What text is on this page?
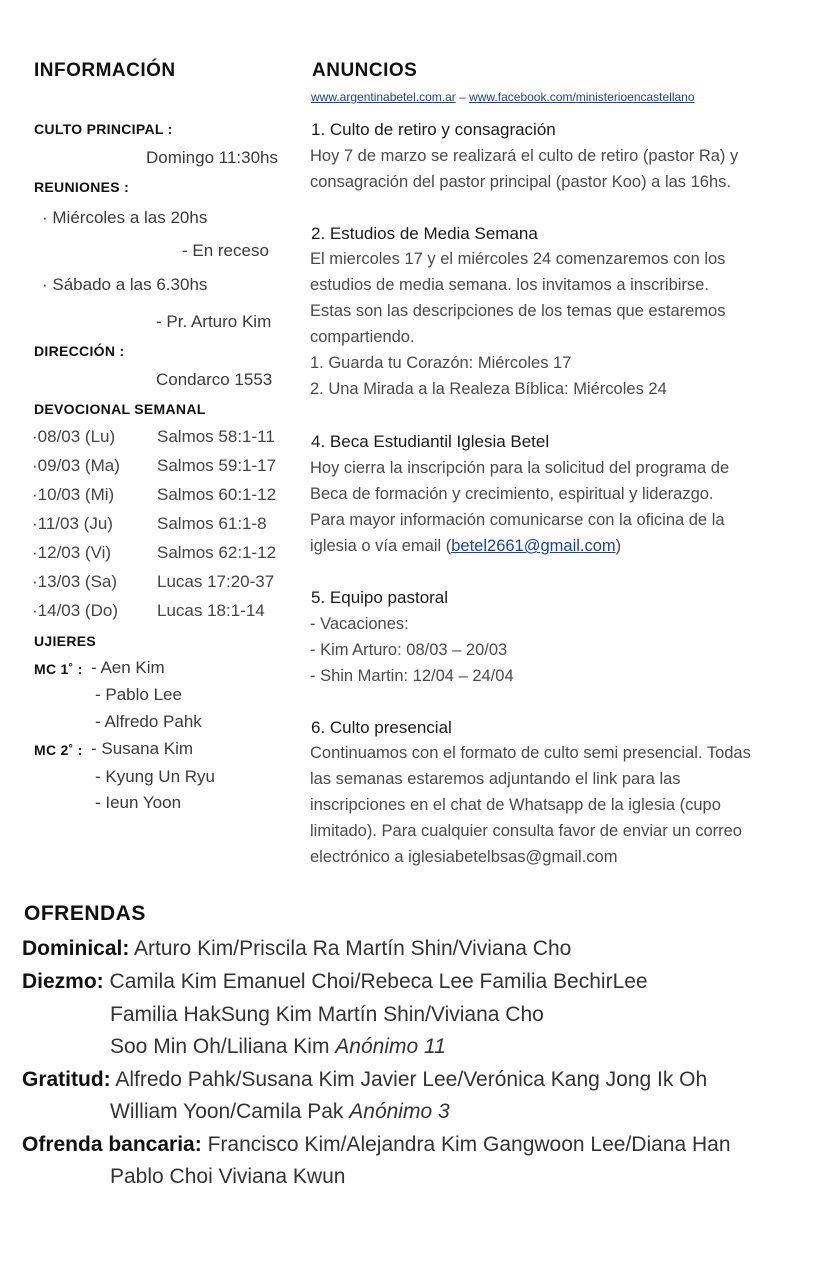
INFORMACIÓN
CULTO PRINCIPAL :
Domingo 11:30hs
REUNIONES :
· Miércoles a las 20hs
- En receso
· Sábado a las 6.30hs
- Pr. Arturo Kim
DIRECCIÓN :
Condarco 1553
DEVOCIONAL SEMANAL
·08/03 (Lu) Salmos 58:1-11
·09/03 (Ma) Salmos 59:1-17
·10/03 (Mi)	Salmos 60:1-12
·11/03 (Ju)	Salmos 61:1-8
·12/03 (Vi)	Salmos 62:1-12
·13/03 (Sa) Lucas 17:20-37
·14/03 (Do) Lucas 18:1-14
UJIERES
MC 1˚ : - Aen Kim
- Pablo Lee
- Alfredo Pahk
MC 2˚ : - Susana Kim
- Kyung Un Ryu
- Ieun Yoon
ANUNCIOS
www.argentinabetel.com.ar – www.facebook.com/ministerioencastellano
1. Culto de retiro y consagración
Hoy 7 de marzo se realizará el culto de retiro (pastor Ra) y
consagración del pastor principal (pastor Koo) a las 16hs.
2. Estudios de Media Semana
El miercoles 17 y el miércoles 24 comenzaremos con los
estudios de media semana. los invitamos a inscribirse.
Estas son las descripciones de los temas que estaremos
compartiendo.
1. Guarda tu Corazón: Miércoles 17
2. Una Mirada a la Realeza Bíblica: Miércoles 24
4. Beca Estudiantil Iglesia Betel
Hoy cierra la inscripción para la solicitud del programa de
Beca de formación y crecimiento, espiritual y liderazgo.
Para mayor información comunicarse con la oficina de la
iglesia o vía email (betel2661@gmail.com)
5. Equipo pastoral
- Vacaciones:
- Kim Arturo: 08/03 – 20/03
- Shin Martin: 12/04 – 24/04
6. Culto presencial
Continuamos con el formato de culto semi presencial. Todas
las semanas estaremos adjuntando el link para las
inscripciones en el chat de Whatsapp de la iglesia (cupo
limitado). Para cualquier consulta favor de enviar un correo
electrónico a iglesiabetelbsas@gmail.com
OFRENDAS
Dominical: Arturo Kim/Priscila Ra Martín Shin/Viviana Cho
Diezmo: Camila Kim Emanuel Choi/Rebeca Lee Familia BechirLee
Familia HakSung Kim Martín Shin/Viviana Cho
Soo Min Oh/Liliana Kim Anónimo 11
Gratitud: Alfredo Pahk/Susana Kim Javier Lee/Verónica Kang Jong Ik Oh
William Yoon/Camila Pak Anónimo 3
Ofrenda bancaria: Francisco Kim/Alejandra Kim Gangwoon Lee/Diana Han
Pablo Choi Viviana Kwun
